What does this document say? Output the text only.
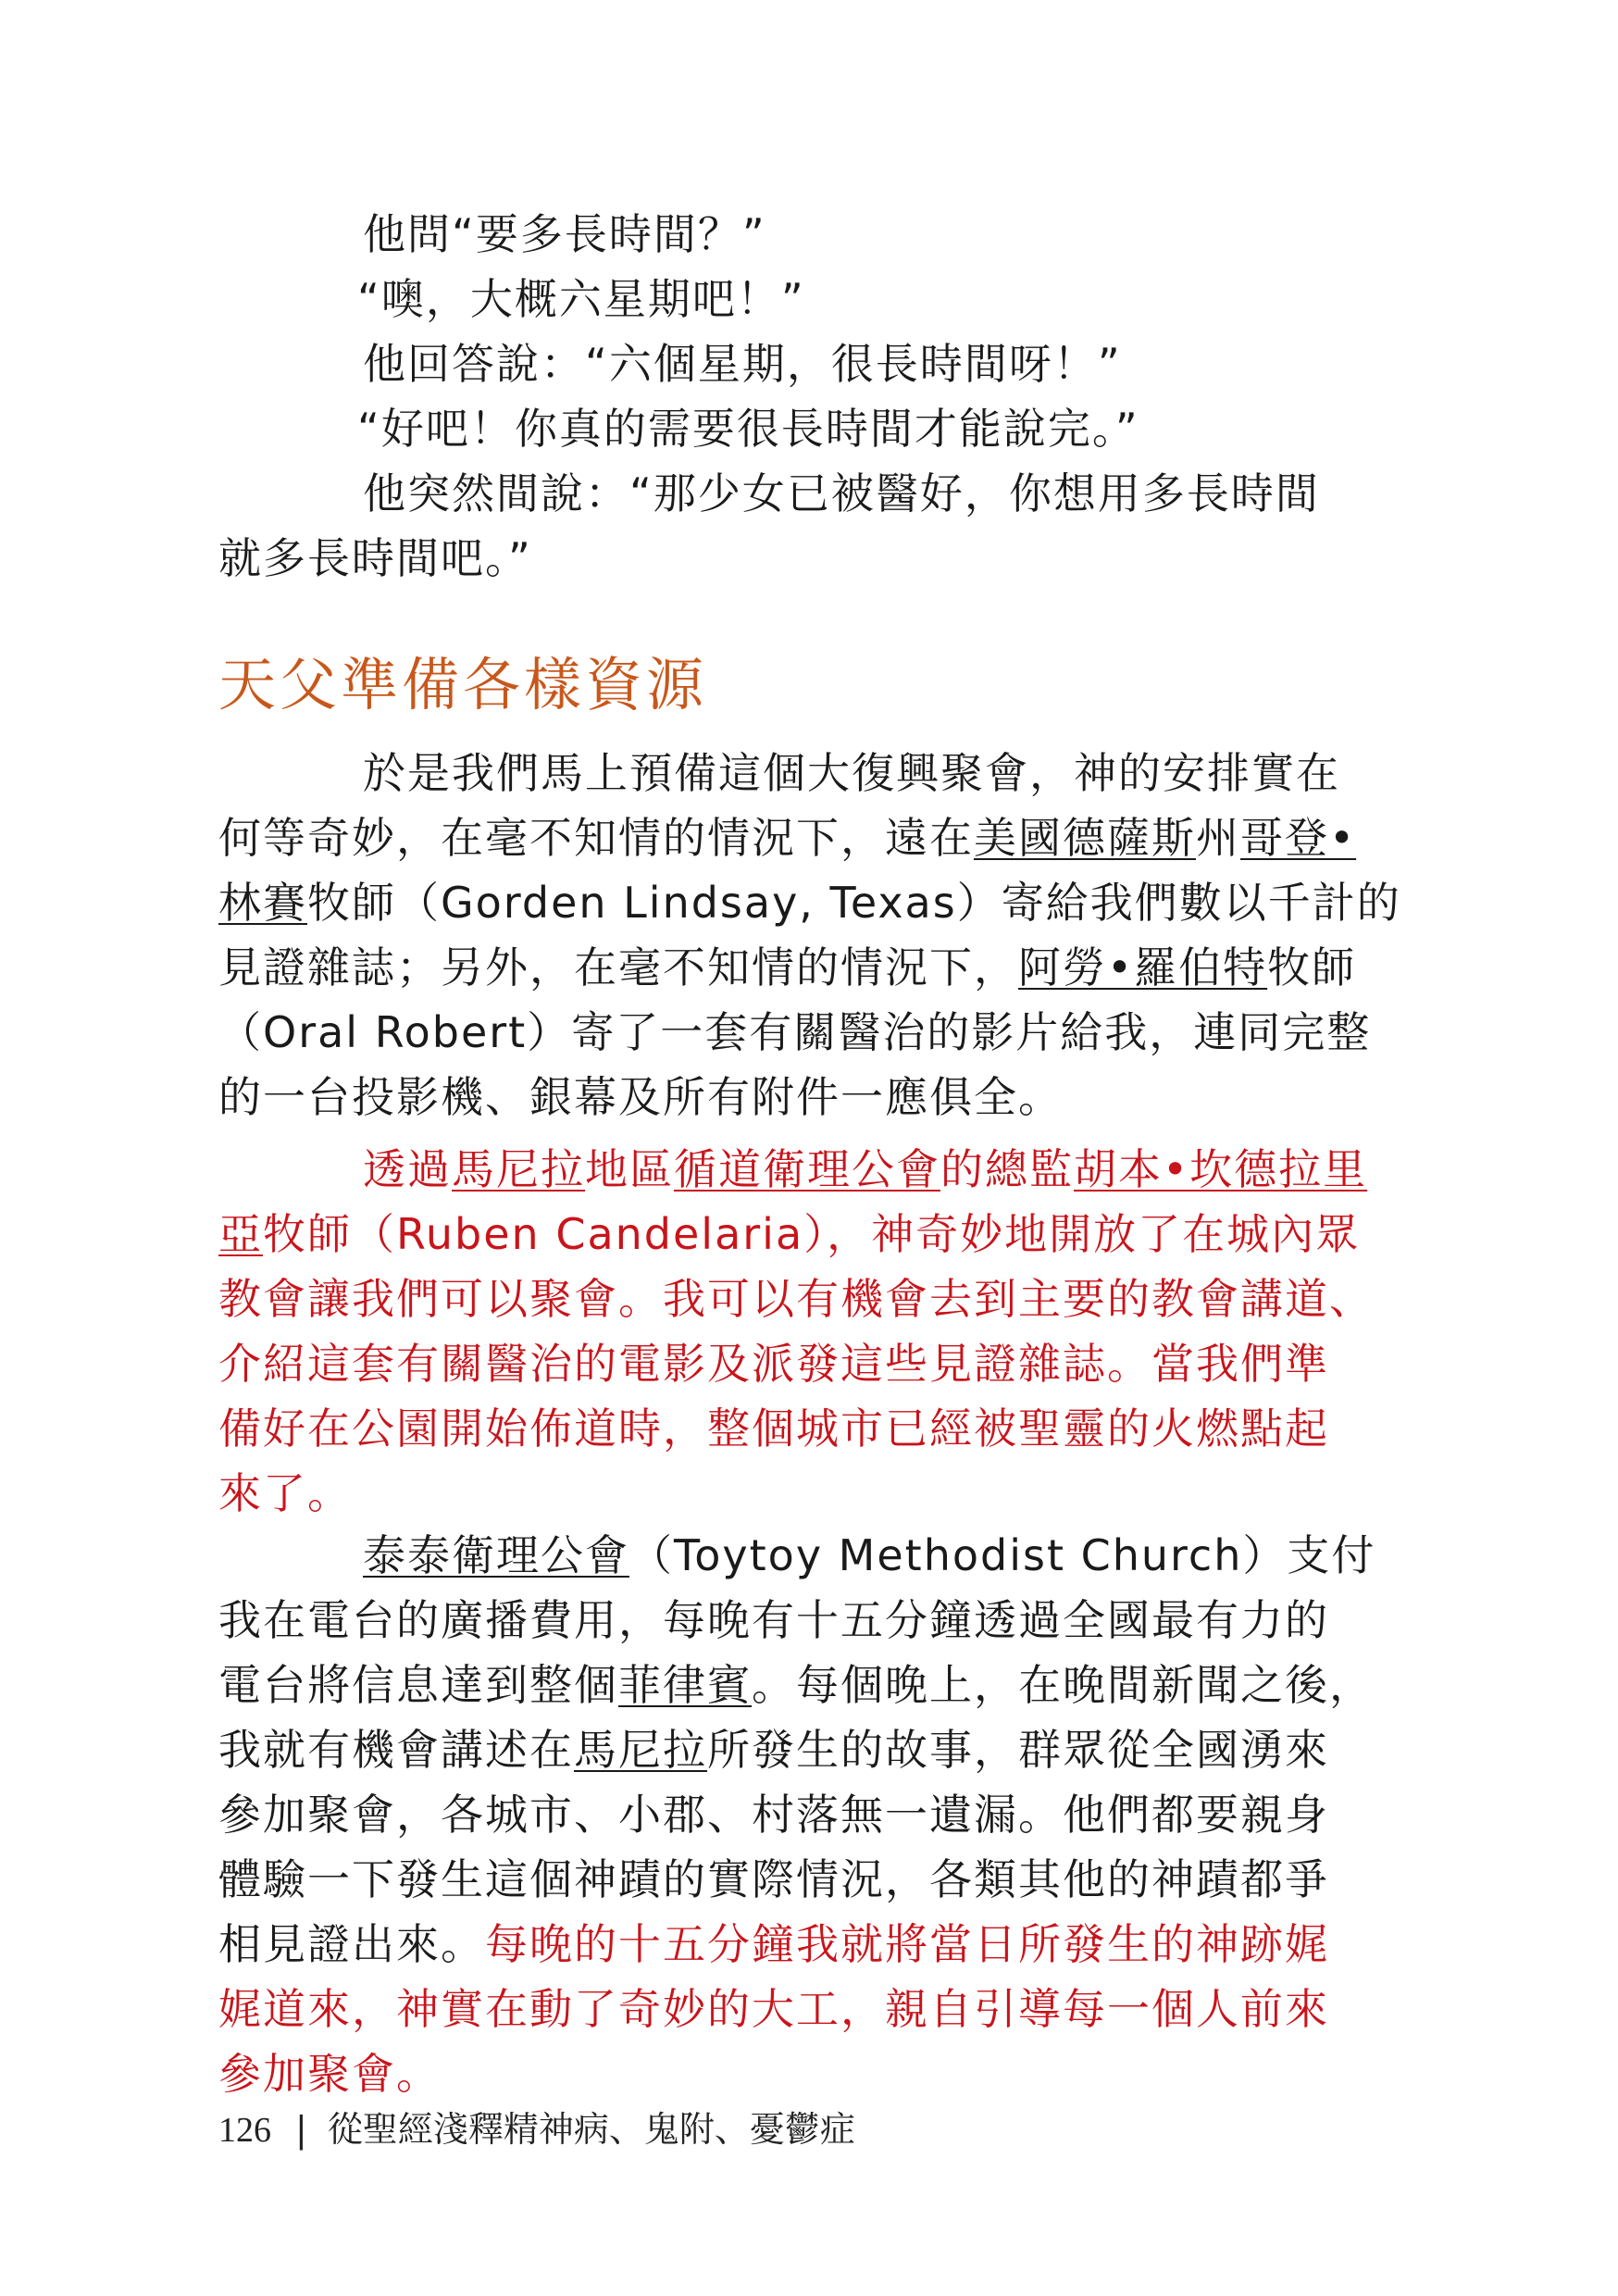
他問“要多長時間？”
“噢，大概六星期吧！”
他回答說：“六個星期，很長時間呀！”
“好吧！你真的需要很長時間才能說完。”
他突然間說：“那少女已被醫好，你想用多長時間
就多長時間吧。”
天父準備各樣資源
於是我們馬上預備這個大復興聚會，神的安排實在
何等奇妙，在毫不知情的情況下，遠在美國德薩斯州哥登•
林賽牧師（Gorden Lindsay, Texas）寄給我們數以千計的
見證雜誌；另外，在毫不知情的情況下，阿勞•羅伯特牧師
（Oral Robert）寄了一套有關醫治的影片給我，連同完整
的一台投影機、銀幕及所有附件一應俱全。
透過馬尼拉地區循道衛理公會的總監胡本•坎德拉里
亞牧師（Ruben Candelaria），神奇妙地開放了在城內眾
教會讓我們可以聚會。我可以有機會去到主要的教會講道、
介紹這套有關醫治的電影及派發這些見證雜誌。當我們準
備好在公園開始佈道時，整個城市已經被聖靈的火燃點起
來了。
泰泰衛理公會（Toytoy Methodist Church）支付
我在電台的廣播費用，每晚有十五分鐘透過全國最有力的
電台將信息達到整個菲律賓。每個晚上，在晚間新聞之後，
我就有機會講述在馬尼拉所發生的故事，群眾從全國湧來
參加聚會，各城市、小郡、村落無一遺漏。他們都要親身
體驗一下發生這個神蹟的實際情況，各類其他的神蹟都爭
相見證出來。每晚的十五分鐘我就將當日所發生的神跡娓
娓道來，神實在動了奇妙的大工，親自引導每一個人前來
參加聚會。
126 | 從聖經淺釋精神病、鬼附、憂鬱症
